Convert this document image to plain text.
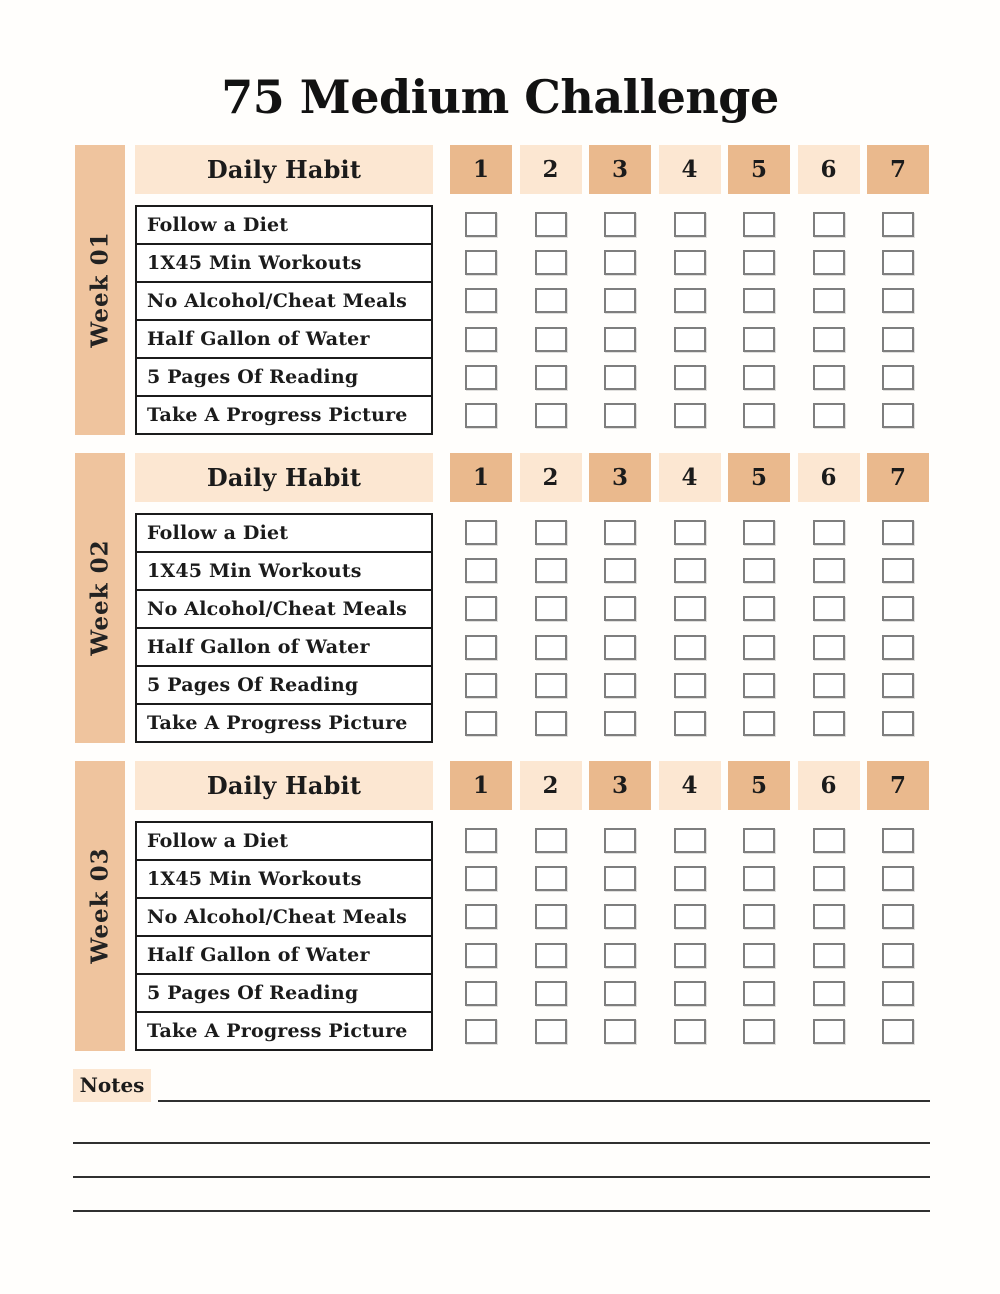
75 Medium Challenge
Week 01
Daily Habit	1	2	3	4	5	6	7
Follow a Diet
1X45 Min Workouts
No Alcohol/Cheat Meals
Half Gallon of Water
5 Pages Of Reading
Take A Progress Picture
Week 02
Daily Habit	1	2	3	4	5	6	7
Follow a Diet
1X45 Min Workouts
No Alcohol/Cheat Meals
Half Gallon of Water
5 Pages Of Reading
Take A Progress Picture
Week 03
Daily Habit	1	2	3	4	5	6	7
Follow a Diet
1X45 Min Workouts
No Alcohol/Cheat Meals
Half Gallon of Water
5 Pages Of Reading
Take A Progress Picture
Notes
